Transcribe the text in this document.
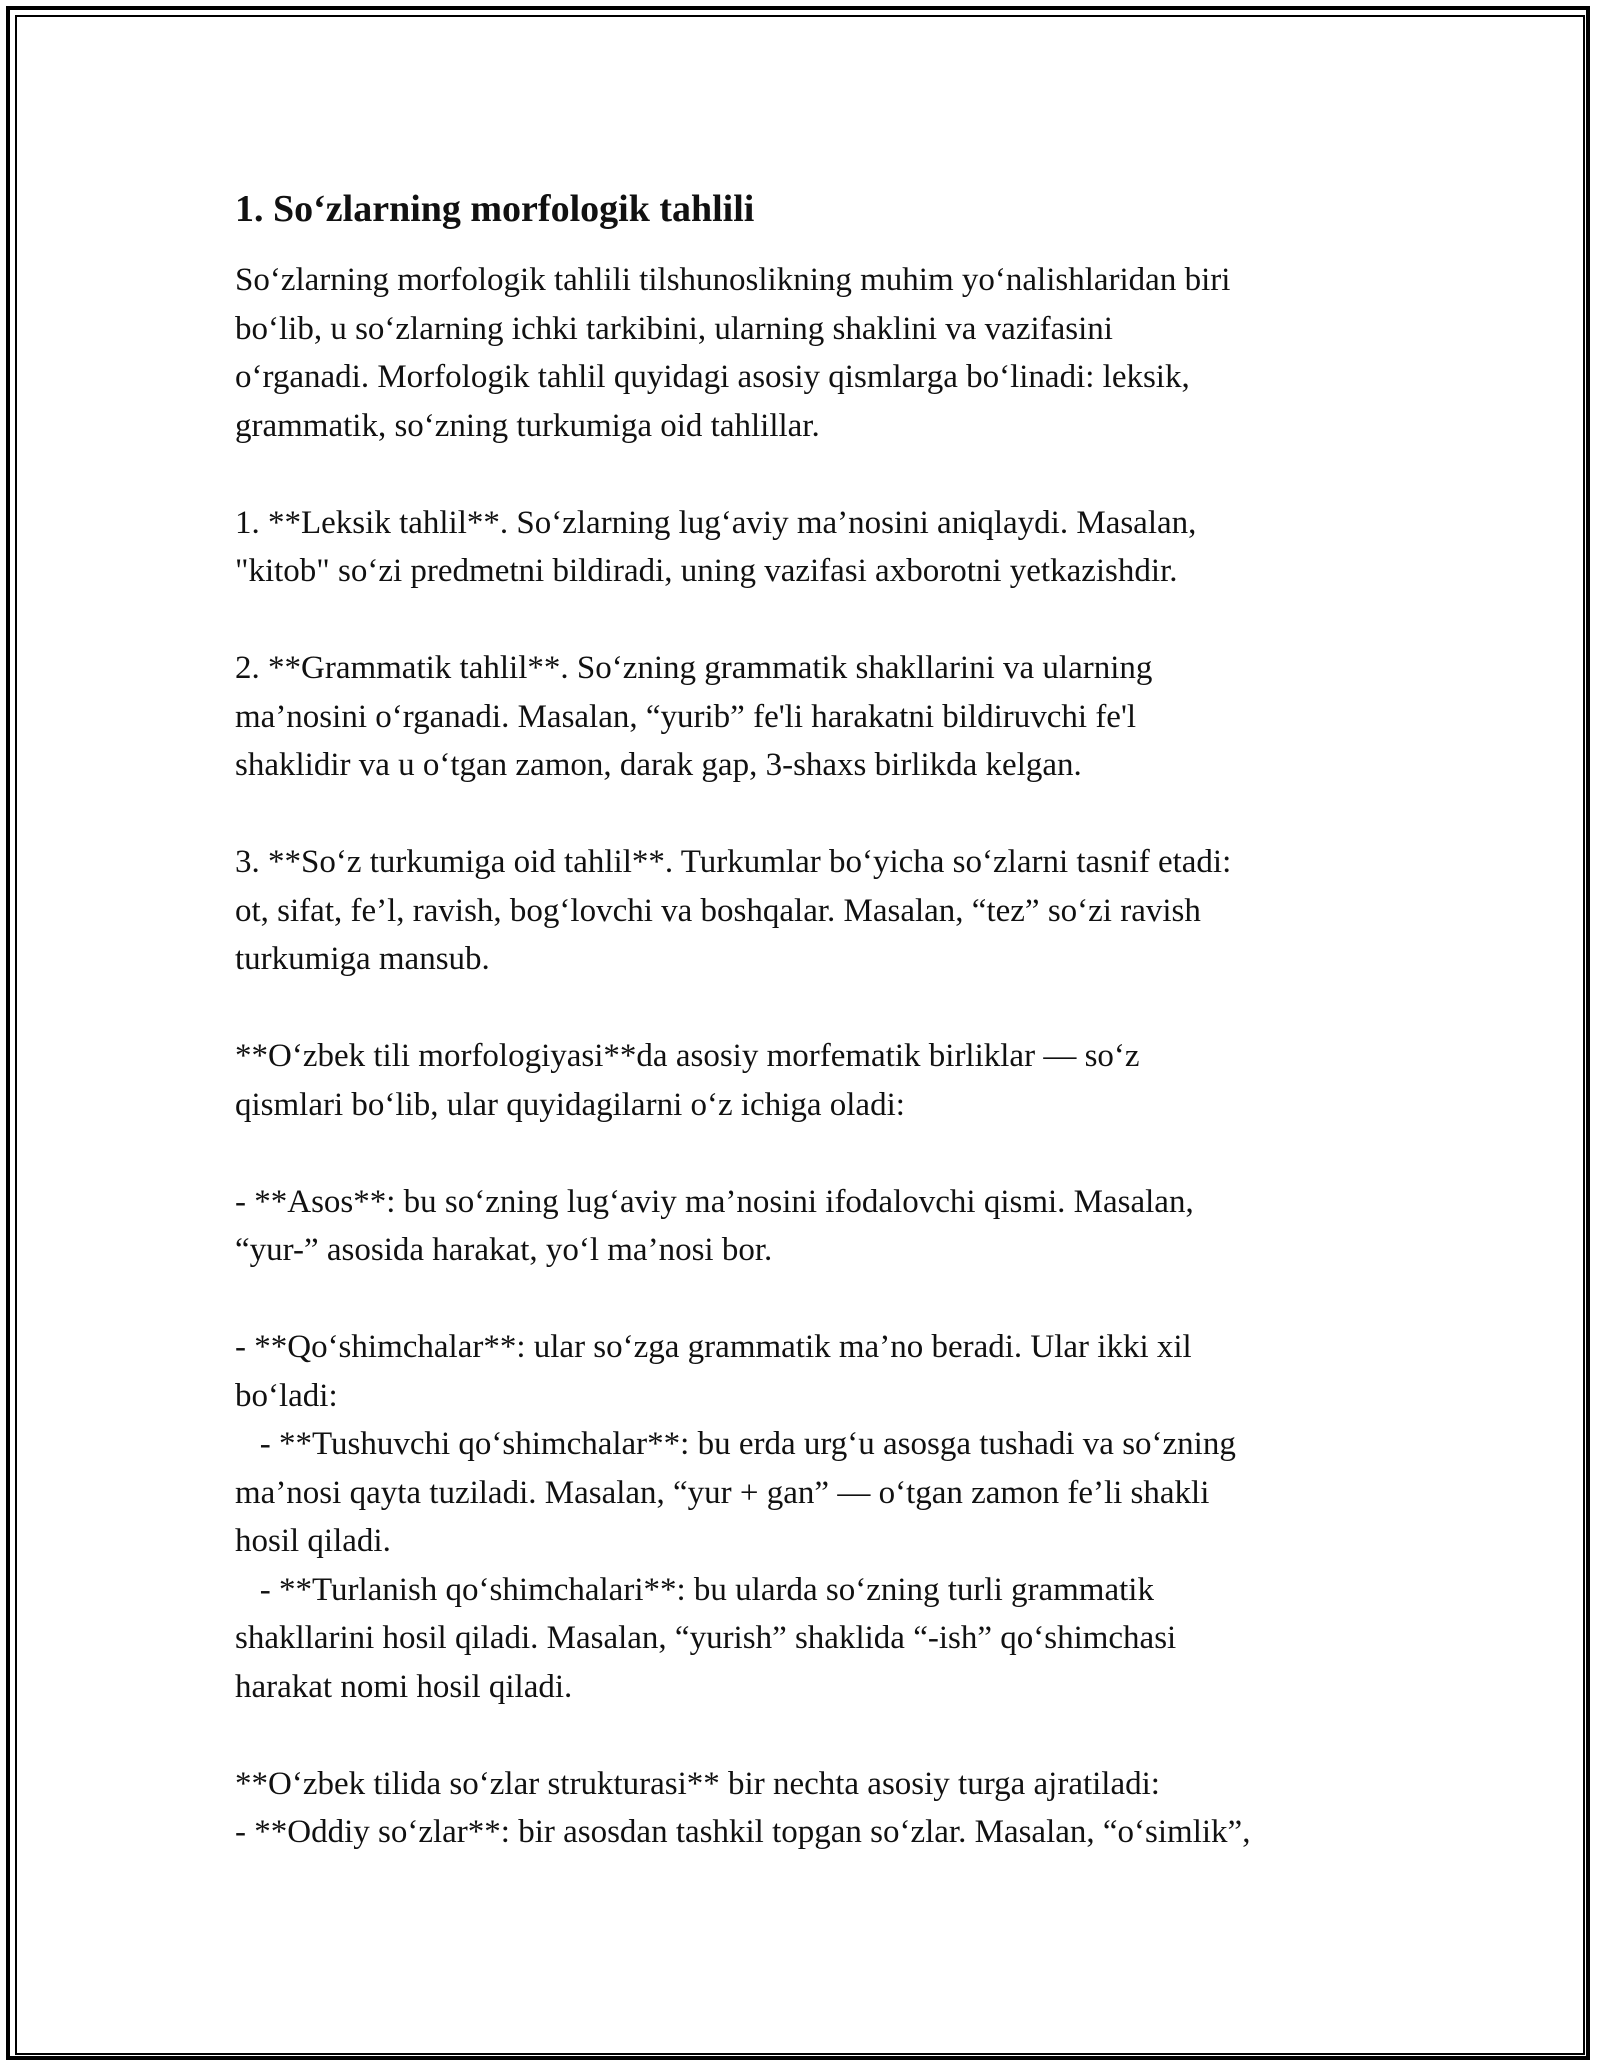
1. So‘zlarning morfologik tahlili
So‘zlarning morfologik tahlili tilshunoslikning muhim yo‘nalishlaridan biri
bo‘lib, u so‘zlarning ichki tarkibini, ularning shaklini va vazifasini
o‘rganadi. Morfologik tahlil quyidagi asosiy qismlarga bo‘linadi: leksik,
grammatik, so‘zning turkumiga oid tahlillar.
1. **Leksik tahlil**. So‘zlarning lug‘aviy ma’nosini aniqlaydi. Masalan,
"kitob" so‘zi predmetni bildiradi, uning vazifasi axborotni yetkazishdir.
2. **Grammatik tahlil**. So‘zning grammatik shakllarini va ularning
ma’nosini o‘rganadi. Masalan, “yurib” fe'li harakatni bildiruvchi fe'l
shaklidir va u o‘tgan zamon, darak gap, 3-shaxs birlikda kelgan.
3. **So‘z turkumiga oid tahlil**. Turkumlar bo‘yicha so‘zlarni tasnif etadi:
ot, sifat, fe’l, ravish, bog‘lovchi va boshqalar. Masalan, “tez” so‘zi ravish
turkumiga mansub.
**O‘zbek tili morfologiyasi**da asosiy morfematik birliklar — so‘z
qismlari bo‘lib, ular quyidagilarni o‘z ichiga oladi:
- **Asos**: bu so‘zning lug‘aviy ma’nosini ifodalovchi qismi. Masalan,
“yur-” asosida harakat, yo‘l ma’nosi bor.
- **Qo‘shimchalar**: ular so‘zga grammatik ma’no beradi. Ular ikki xil
bo‘ladi:
- **Tushuvchi qo‘shimchalar**: bu erda urg‘u asosga tushadi va so‘zning
ma’nosi qayta tuziladi. Masalan, “yur + gan” — o‘tgan zamon fe’li shakli
hosil qiladi.
- **Turlanish qo‘shimchalari**: bu ularda so‘zning turli grammatik
shakllarini hosil qiladi. Masalan, “yurish” shaklida “-ish” qo‘shimchasi
harakat nomi hosil qiladi.
**O‘zbek tilida so‘zlar strukturasi** bir nechta asosiy turga ajratiladi:
- **Oddiy so‘zlar**: bir asosdan tashkil topgan so‘zlar. Masalan, “o‘simlik”,
